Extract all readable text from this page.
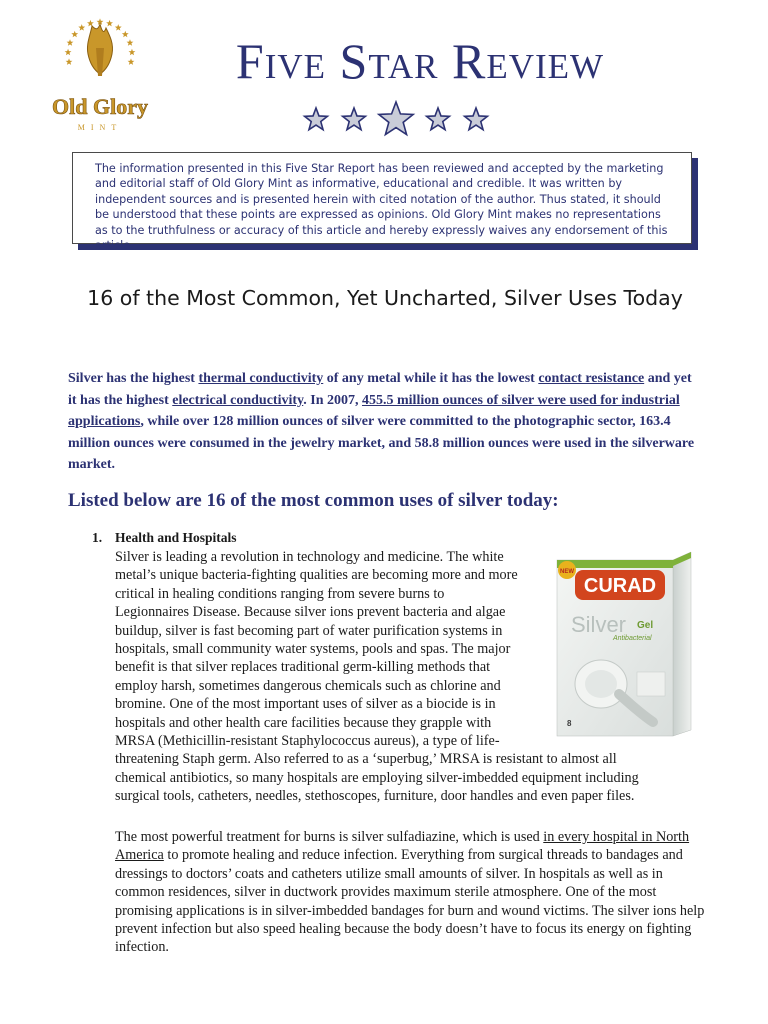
Old Glory
MINT
Five Star Review

The information presented in this Five Star Report has been reviewed and accepted by the marketing and editorial staff of Old Glory Mint as informative, educational and credible. It was written by independent sources and is presented herein with cited notation of the author. Thus stated, it should be understood that these points are expressed as opinions. Old Glory Mint makes no representations as to the truthfulness or accuracy of this article and hereby expressly waives any endorsement of this article.

16 of the Most Common, Yet Uncharted, Silver Uses Today

Silver has the highest thermal conductivity of any metal while it has the lowest contact resistance and yet it has the highest electrical conductivity. In 2007, 455.5 million ounces of silver were used for industrial applications, while over 128 million ounces of silver were committed to the photographic sector, 163.4 million ounces were consumed in the jewelry market, and 58.8 million ounces were used in the silverware market.

Listed below are 16 of the most common uses of silver today:
1. Health and Hospitals

Silver is leading a revolution in technology and medicine. The white
metal’s unique bacteria-fighting qualities are becoming more and more
critical in healing conditions ranging from severe burns to
Legionnaires Disease. Because silver ions prevent bacteria and algae
buildup, silver is fast becoming part of water purification systems in
hospitals, small community water systems, pools and spas. The major
benefit is that silver replaces traditional germ-killing methods that
employ harsh, sometimes dangerous chemicals such as chlorine and
bromine. One of the most important uses of silver as a biocide is in
hospitals and other health care facilities because they grapple with
MRSA (Methicillin-resistant Staphylococcus aureus), a type of life-
threatening Staph germ. Also referred to as a ‘superbug,’ MRSA is resistant to almost all
chemical antibiotics, so many hospitals are employing silver-imbedded equipment including
surgical tools, catheters, needles, stethoscopes, furniture, door handles and even paper files.

The most powerful treatment for burns is silver sulfadiazine, which is used in every hospital in North America to promote healing and reduce infection. Everything from surgical threads to bandages and dressings to doctors’ coats and catheters utilize small amounts of silver. In hospitals as well as in common residences, silver in ductwork provides maximum sterile atmosphere. One of the most promising applications is in silver-imbedded bandages for burn and wound victims. The silver ions help prevent infection but also speed healing because the body doesn’t have to focus its energy on fighting infection.

NEW
CURAD
Silver Gel
Antibacterial
8
